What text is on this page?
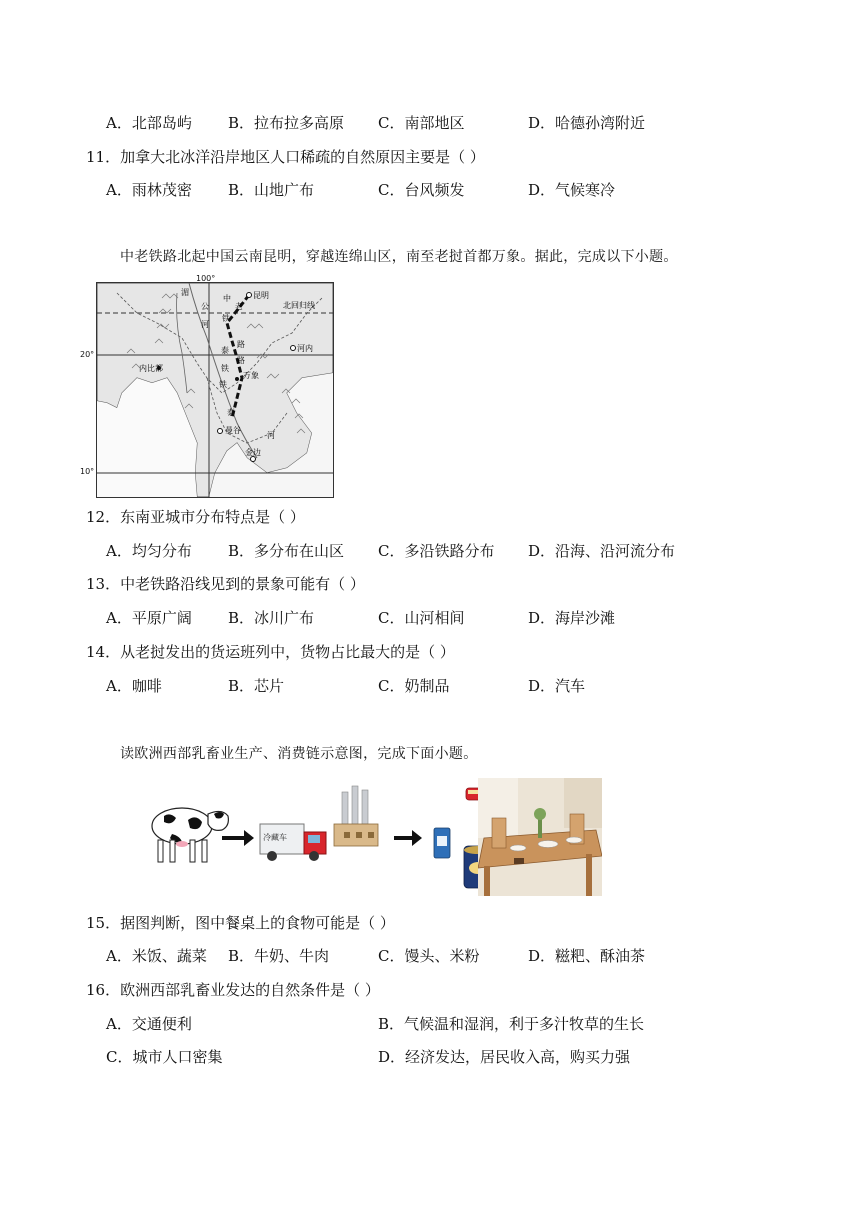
A．北部岛屿 B．拉布拉多高原 C．南部地区	D．哈德孙湾附近
11．加拿大北冰洋沿岸地区人口稀疏的自然原因主要是（ ）
A．雨林茂密 B．山地广布	C．台风频发	D．气候寒冷
中老铁路北起中国云南昆明，穿越连绵山区，南至老挝首都万象。据此，完成以下小题。
昆明
北回归线
河内
万象
曼谷
金边
内比都
河
湄
公
河
中
老
铁
路
泰
铁
路
铁
泰
100°
20°
10°
12．东南亚城市分布特点是（ ）
A．均匀分布 B．多分布在山区 C．多沿铁路分布 D．沿海、沿河流分布
13．中老铁路沿线见到的景象可能有（ ）
A．平原广阔 B．冰川广布	C．山河相间	D．海岸沙滩
14．从老挝发出的货运班列中，货物占比最大的是（ ）
A．咖啡	B．芯片	C．奶制品	D．汽车
读欧洲西部乳畜业生产、消费链示意图，完成下面小题。
冷藏车
15．据图判断，图中餐桌上的食物可能是（ ）
A．米饭、蔬菜 B．牛奶、牛肉	C．馒头、米粉	D．糍粑、酥油茶
16．欧洲西部乳畜业发达的自然条件是（ ）
A．交通便利	B．气候温和湿润，利于多汁牧草的生长
C．城市人口密集	D．经济发达，居民收入高，购买力强
